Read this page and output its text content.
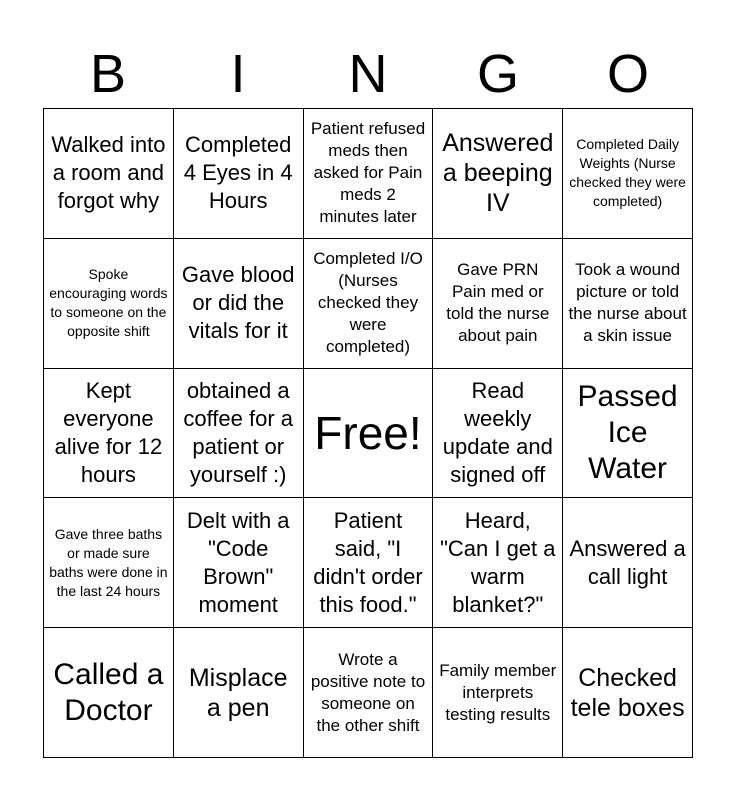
B	I	N	G	O
Walked into a room and forgot why
Completed 4 Eyes in 4 Hours
Patient refused meds then asked for Pain meds 2 minutes later
Answered a beeping IV
Completed Daily Weights (Nurse checked they were completed)
Spoke encouraging words to someone on the opposite shift
Gave blood or did the vitals for it
Completed I/O (Nurses checked they were completed)
Gave PRN Pain med or told the nurse about pain
Took a wound picture or told the nurse about a skin issue
Kept everyone alive for 12 hours
obtained a coffee for a patient or yourself :)
Free!
Read weekly update and signed off
Passed Ice Water
Gave three baths or made sure baths were done in the last 24 hours
Delt with a "Code Brown" moment
Patient said, "I didn't order this food."
Heard, "Can I get a warm blanket?"
Answered a call light
Called a Doctor
Misplace a pen
Wrote a positive note to someone on the other shift
Family member interprets testing results
Checked tele boxes
